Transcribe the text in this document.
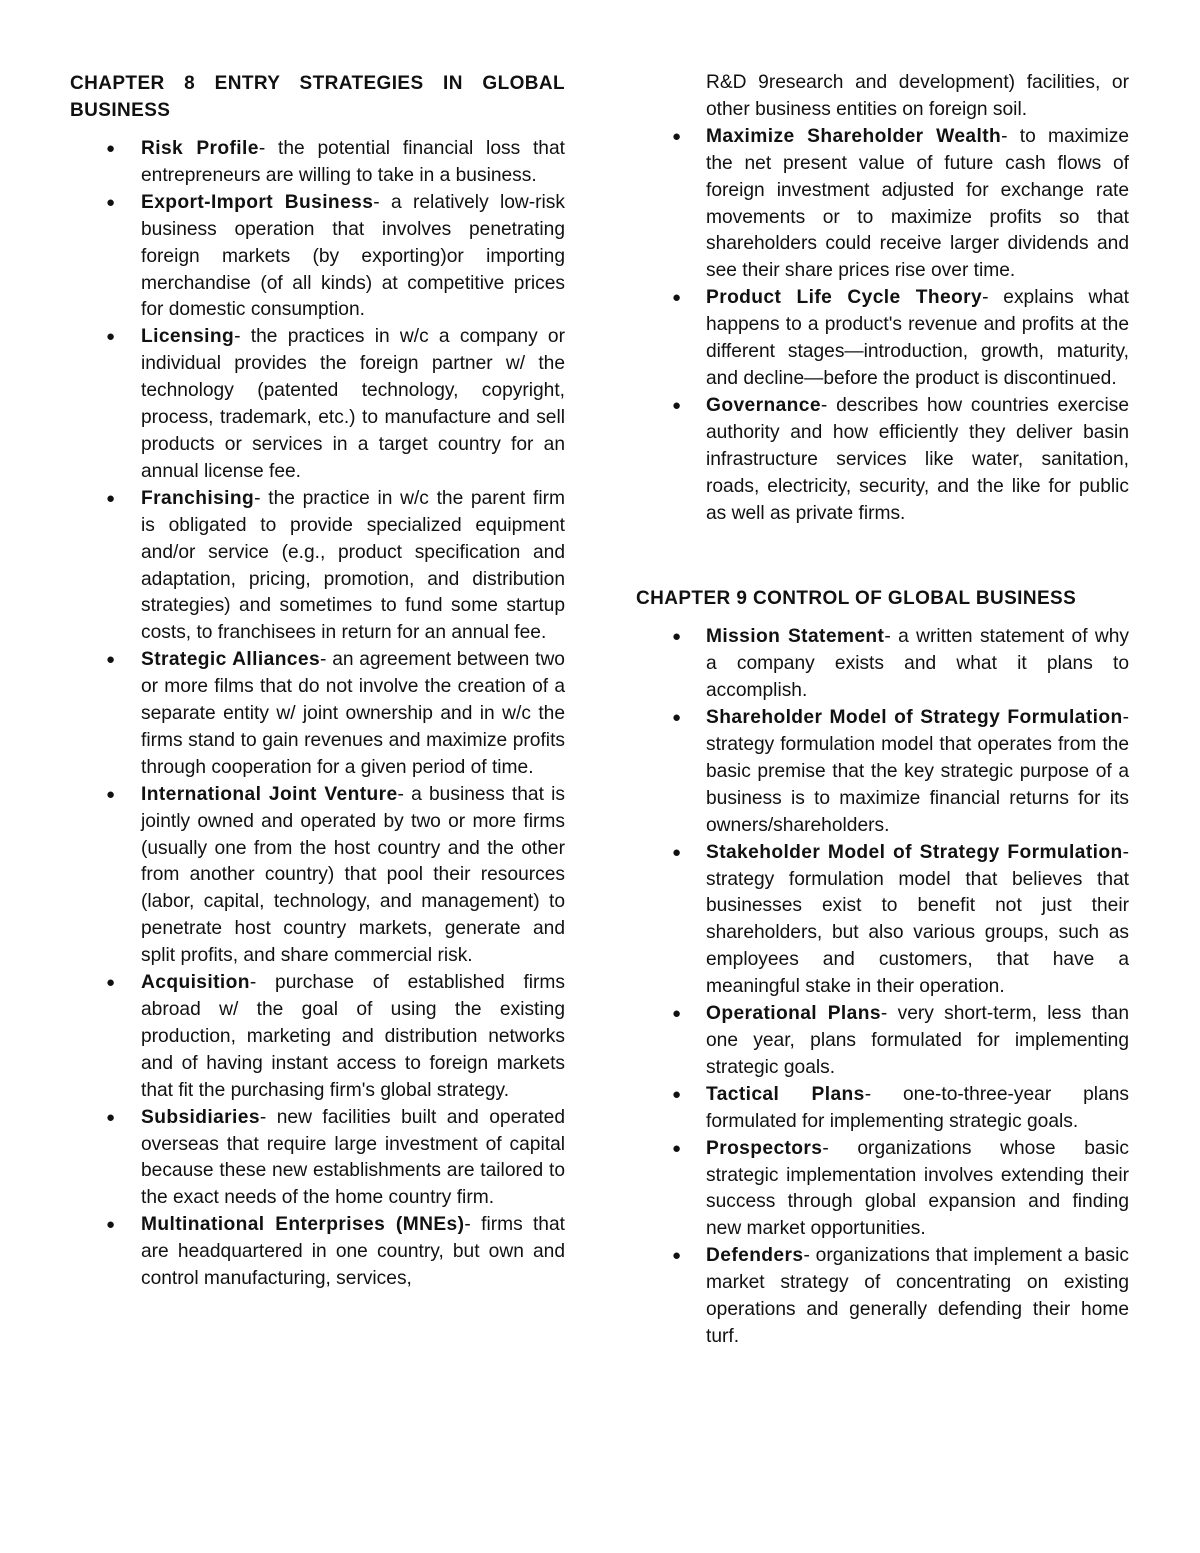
CHAPTER 8 ENTRY STRATEGIES IN GLOBAL BUSINESS
● Risk Profile- the potential financial loss that entrepreneurs are willing to take in a business.
● Export-Import Business- a relatively low-risk business operation that involves penetrating foreign markets (by exporting)or importing merchandise (of all kinds) at competitive prices for domestic consumption.
● Licensing- the practices in w/c a company or individual provides the foreign partner w/ the technology (patented technology, copyright, process, trademark, etc.) to manufacture and sell products or services in a target country for an annual license fee.
● Franchising- the practice in w/c the parent firm is obligated to provide specialized equipment and/or service (e.g., product specification and adaptation, pricing, promotion, and distribution strategies) and sometimes to fund some startup costs, to franchisees in return for an annual fee.
● Strategic Alliances- an agreement between two or more films that do not involve the creation of a separate entity w/ joint ownership and in w/c the firms stand to gain revenues and maximize profits through cooperation for a given period of time.
● International Joint Venture- a business that is jointly owned and operated by two or more firms (usually one from the host country and the other from another country) that pool their resources (labor, capital, technology, and management) to penetrate host country markets, generate and split profits, and share commercial risk.
● Acquisition- purchase of established firms abroad w/ the goal of using the existing production, marketing and distribution networks and of having instant access to foreign markets that fit the purchasing firm's global strategy.
● Subsidiaries- new facilities built and operated overseas that require large investment of capital because these new establishments are tailored to the exact needs of the home country firm.
● Multinational Enterprises (MNEs)- firms that are headquartered in one country, but own and control manufacturing, services,
R&D 9research and development) facilities, or other business entities on foreign soil.
● Maximize Shareholder Wealth- to maximize the net present value of future cash flows of foreign investment adjusted for exchange rate movements or to maximize profits so that shareholders could receive larger dividends and see their share prices rise over time.
● Product Life Cycle Theory- explains what happens to a product's revenue and profits at the different stages—introduction, growth, maturity, and decline—before the product is discontinued.
● Governance- describes how countries exercise authority and how efficiently they deliver basin infrastructure services like water, sanitation, roads, electricity, security, and the like for public as well as private firms.
CHAPTER 9 CONTROL OF GLOBAL BUSINESS
● Mission Statement- a written statement of why a company exists and what it plans to accomplish.
● Shareholder Model of Strategy Formulation- strategy formulation model that operates from the basic premise that the key strategic purpose of a business is to maximize financial returns for its owners/shareholders.
● Stakeholder Model of Strategy Formulation- strategy formulation model that believes that businesses exist to benefit not just their shareholders, but also various groups, such as employees and customers, that have a meaningful stake in their operation.
● Operational Plans- very short-term, less than one year, plans formulated for implementing strategic goals.
● Tactical Plans- one-to-three-year plans formulated for implementing strategic goals.
● Prospectors- organizations whose basic strategic implementation involves extending their success through global expansion and finding new market opportunities.
● Defenders- organizations that implement a basic market strategy of concentrating on existing operations and generally defending their home turf.
